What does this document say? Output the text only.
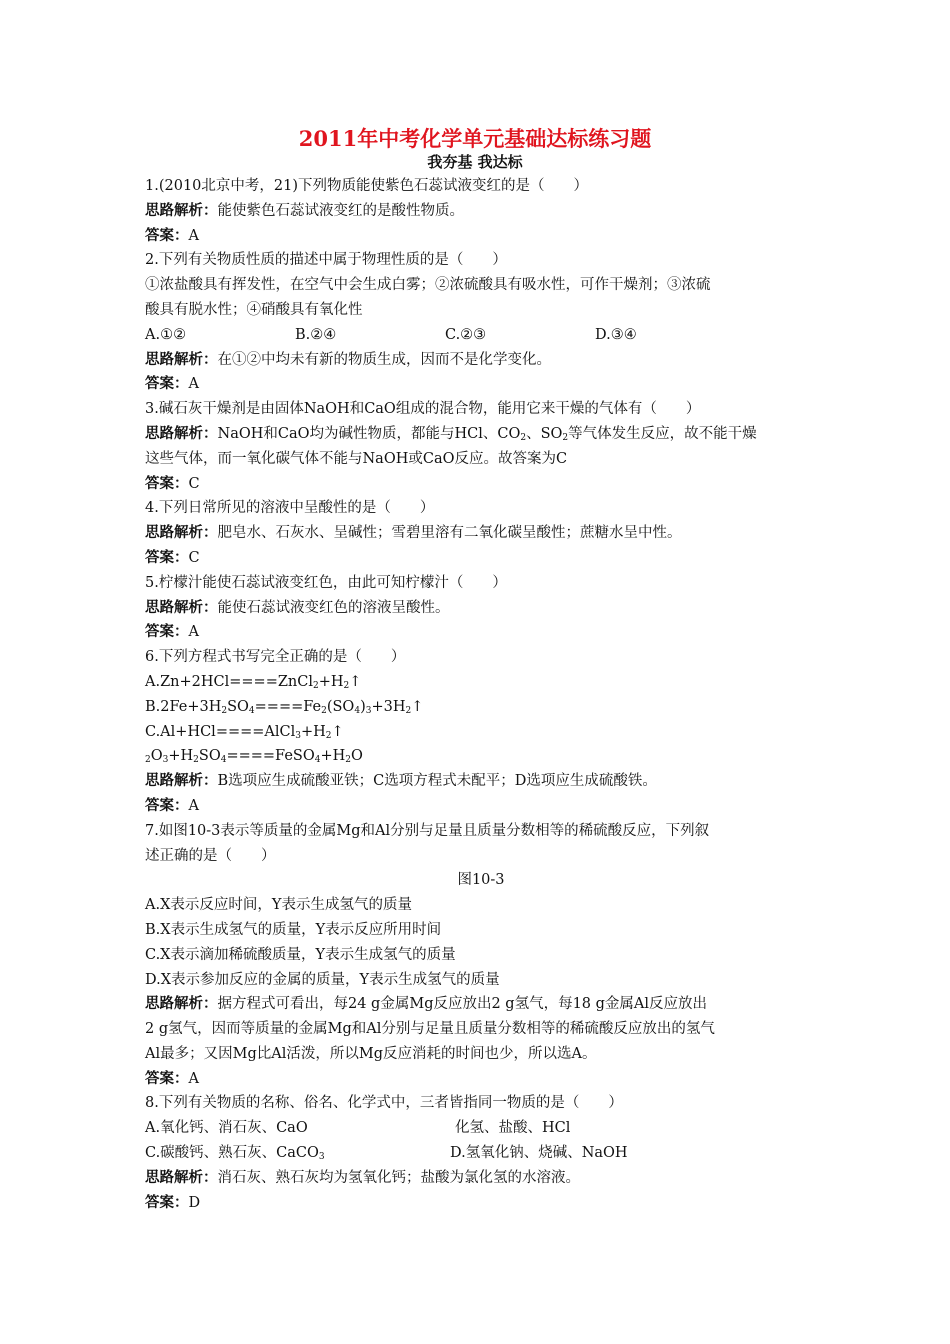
2011年中考化学单元基础达标练习题
我夯基 我达标
1.(2010北京中考，21)下列物质能使紫色石蕊试液变红的是（　　）
思路解析：能使紫色石蕊试液变红的是酸性物质。
答案：A
2.下列有关物质性质的描述中属于物理性质的是（　　）
①浓盐酸具有挥发性，在空气中会生成白雾；②浓硫酸具有吸水性，可作干燥剂；③浓硫
酸具有脱水性；④硝酸具有氧化性
A.①②	B.②④	C.②③	D.③④
思路解析：在①②中均未有新的物质生成，因而不是化学变化。
答案：A
3.碱石灰干燥剂是由固体NaOH和CaO组成的混合物，能用它来干燥的气体有（　　）
思路解析：NaOH和CaO均为碱性物质，都能与HCl、$CO_2$、$SO_2$等气体发生反应，故不能干燥
这些气体，而一氧化碳气体不能与NaOH或CaO反应。故答案为C
答案：C
4.下列日常所见的溶液中呈酸性的是（　　）
思路解析：肥皂水、石灰水、呈碱性；雪碧里溶有二氧化碳呈酸性；蔗糖水呈中性。
答案：C
5.柠檬汁能使石蕊试液变红色，由此可知柠檬汁（　　）
思路解析：能使石蕊试液变红色的溶液呈酸性。
答案：A
6.下列方程式书写完全正确的是（　　）
$A.Zn+2HCl====ZnCl_2+H_2↑$
$B.2Fe+3H_2SO_4====Fe_2(SO_4)_3+3H_2↑$
$C.Al+HCl====AlCl_3+H_2↑$
$_2O_3+H_2SO_4====FeSO_4+H_2O$
思路解析：B选项应生成硫酸亚铁；C选项方程式未配平；D选项应生成硫酸铁。
答案：A
7.如图10-3表示等质量的金属Mg和Al分别与足量且质量分数相等的稀硫酸反应，下列叙
述正确的是（　　）
图10-3
A.X表示反应时间，Y表示生成氢气的质量
B.X表示生成氢气的质量，Y表示反应所用时间
C.X表示滴加稀硫酸质量，Y表示生成氢气的质量
D.X表示参加反应的金属的质量，Y表示生成氢气的质量
思路解析：据方程式可看出，每24 g金属Mg反应放出2 g氢气，每18 g金属Al反应放出
2 g氢气，因而等质量的金属Mg和Al分别与足量且质量分数相等的稀硫酸反应放出的氢气
Al最多；又因Mg比Al活泼，所以Mg反应消耗的时间也少，所以选A。
答案：A
8.下列有关物质的名称、俗名、化学式中，三者皆指同一物质的是（　　）
A.氧化钙、消石灰、CaO	化氢、盐酸、HCl
C.碳酸钙、熟石灰、CaCO$_3$	D.氢氧化钠、烧碱、NaOH
思路解析：消石灰、熟石灰均为氢氧化钙；盐酸为氯化氢的水溶液。
答案：D
